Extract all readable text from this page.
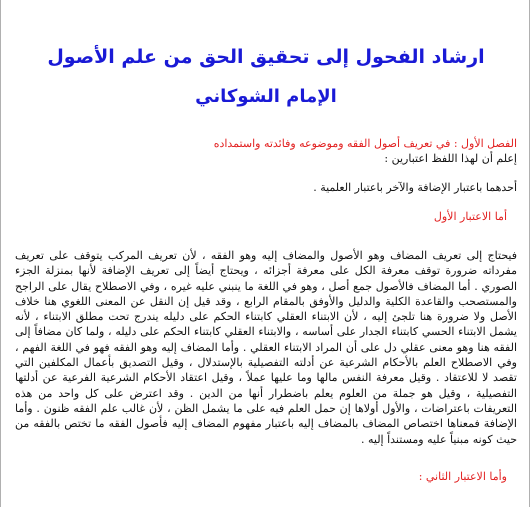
ارشاد الفحول إلى تحقيق الحق من علم الأصول
الإمام الشوكاني
الفصل الأول : في تعريف أصول الفقه وموضوعه وفائدته واستمداده
إعلم أن لهذا اللفظ اعتبارين :
أحدهما باعتبار الإضافة والآخر باعتبار العلمية .
أما الاعتبار الأول
فيحتاج إلى تعريف المضاف وهو الأصول والمضاف إليه وهو الفقه ، لأن تعريف المركب يتوقف على تعريف مفرداته ضرورة توقف معرفة الكل على معرفة أجزائه ، ويحتاج أيضاً إلى تعريف الإضافة لأنها بمنزلة الجزء الصوري . أما المضاف فالأصول جمع أصل ، وهو في اللغة ما ينبني عليه غيره ، وفي الاصطلاح يقال على الراجح والمستصحب والقاعدة الكلية والدليل والأوفق بالمقام الرابع ، وقد قيل إن النقل عن المعنى اللغوي هنا خلاف الأصل ولا ضرورة هنا تلجئ إليه ، لأن الابتناء العقلي كابتناء الحكم على دليله يندرج تحت مطلق الابتناء ، لأنه يشمل الابتناء الحسي كابتناء الجدار على أساسه ، والابتناء العقلي كابتناء الحكم على دليله ، ولما كان مضافاً إلى الفقه هنا وهو معنى عقلي دل على أن المراد الابتناء العقلي . وأما المضاف إليه وهو الفقه فهو في اللغة الفهم ، وفي الاصطلاح العلم بالأحكام الشرعية عن أدلته التفصيلية بالإستدلال ، وقيل التصديق بأعمال المكلفين التي تقصد لا للاعتقاد . وقيل معرفة النفس مالها وما عليها عملاً ، وقيل اعتقاد الأحكام الشرعية الفرعية عن أدلتها التفصيلية ، وقيل هو جملة من العلوم يعلم باضطرار أنها من الدين . وقد اعترض على كل واحد من هذه التعريفات باعتراضات ، والأول أولاها إن حمل العلم فيه على ما يشمل الظن ، لأن غالب علم الفقه ظنون . وأما الإضافة فمعناها اختصاص المضاف بالمضاف إليه باعتبار مفهوم المضاف إليه فأصول الفقه ما تختص بالفقه من حيث كونه مبنياً عليه ومستنداً إليه .
وأما الاعتبار الثاني :
